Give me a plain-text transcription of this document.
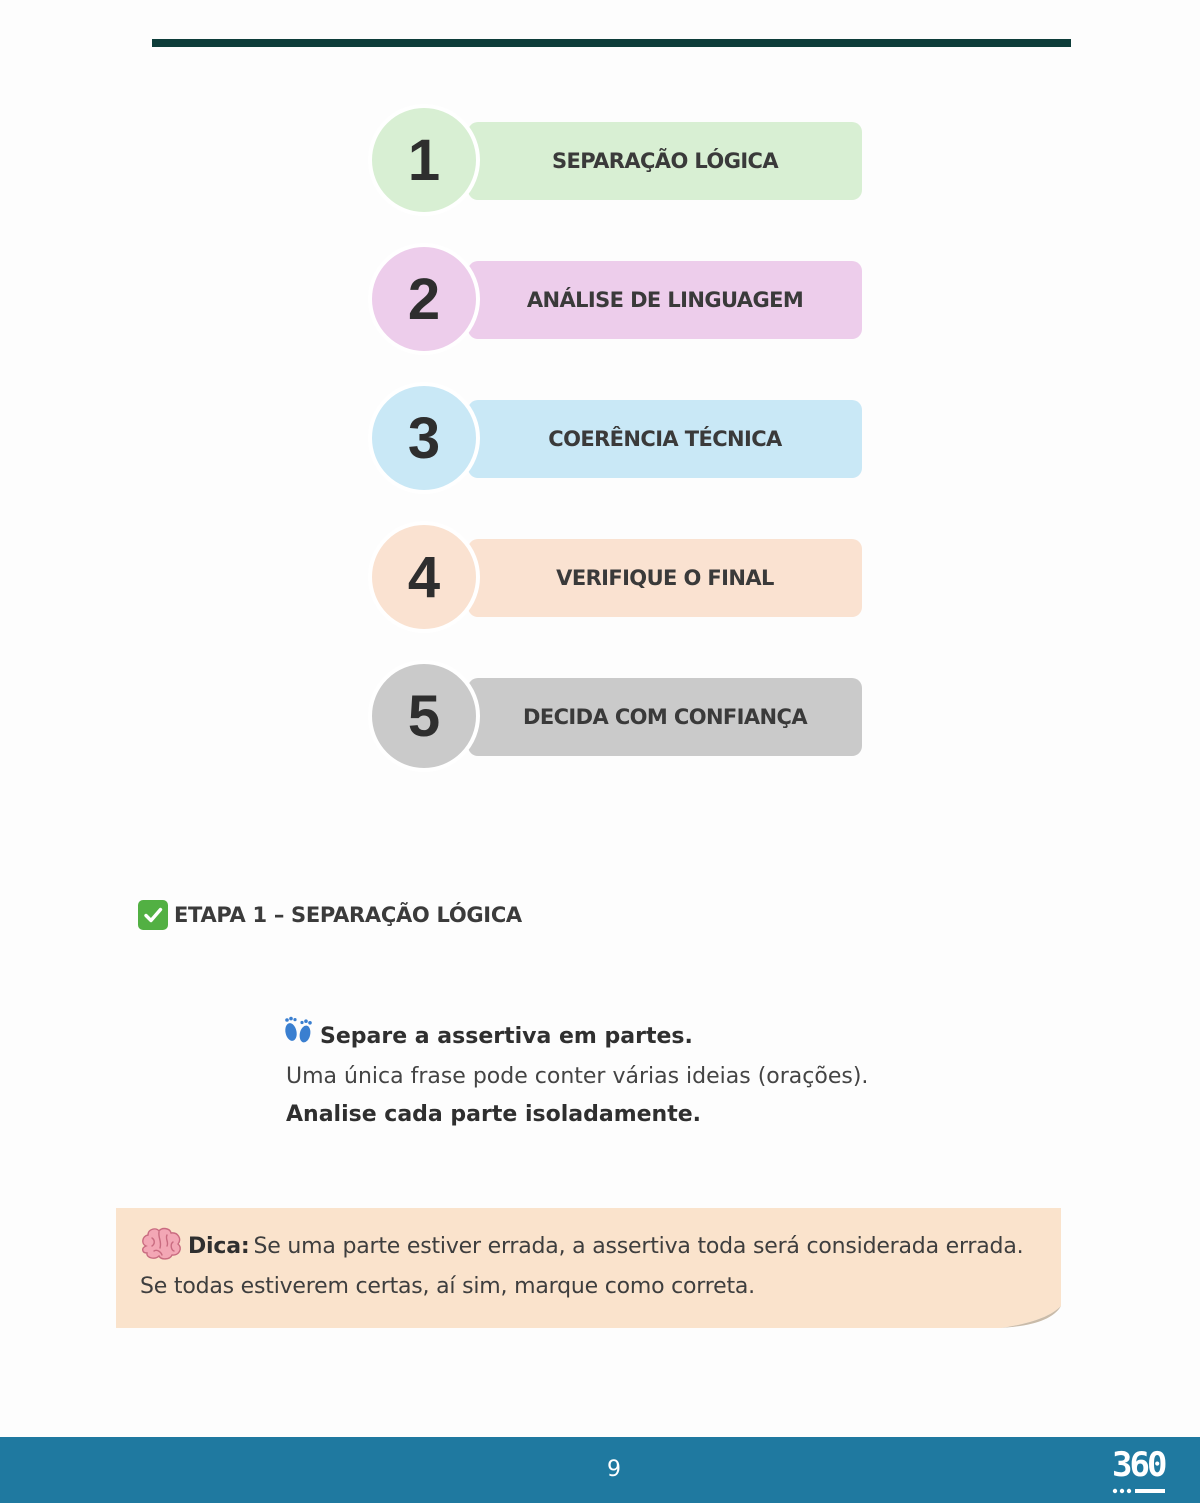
SEPARAÇÃO LÓGICA
1
ANÁLISE DE LINGUAGEM
2
COERÊNCIA TÉCNICA
3
VERIFIQUE O FINAL
4
DECIDA COM CONFIANÇA
5
ETAPA 1 – SEPARAÇÃO LÓGICA
Separe a assertiva em partes.
Uma única frase pode conter várias ideias (orações).
Analise cada parte isoladamente.
Dica: Se uma parte estiver errada, a assertiva toda será considerada errada.
Se todas estiverem certas, aí sim, marque como correta.
9	360
